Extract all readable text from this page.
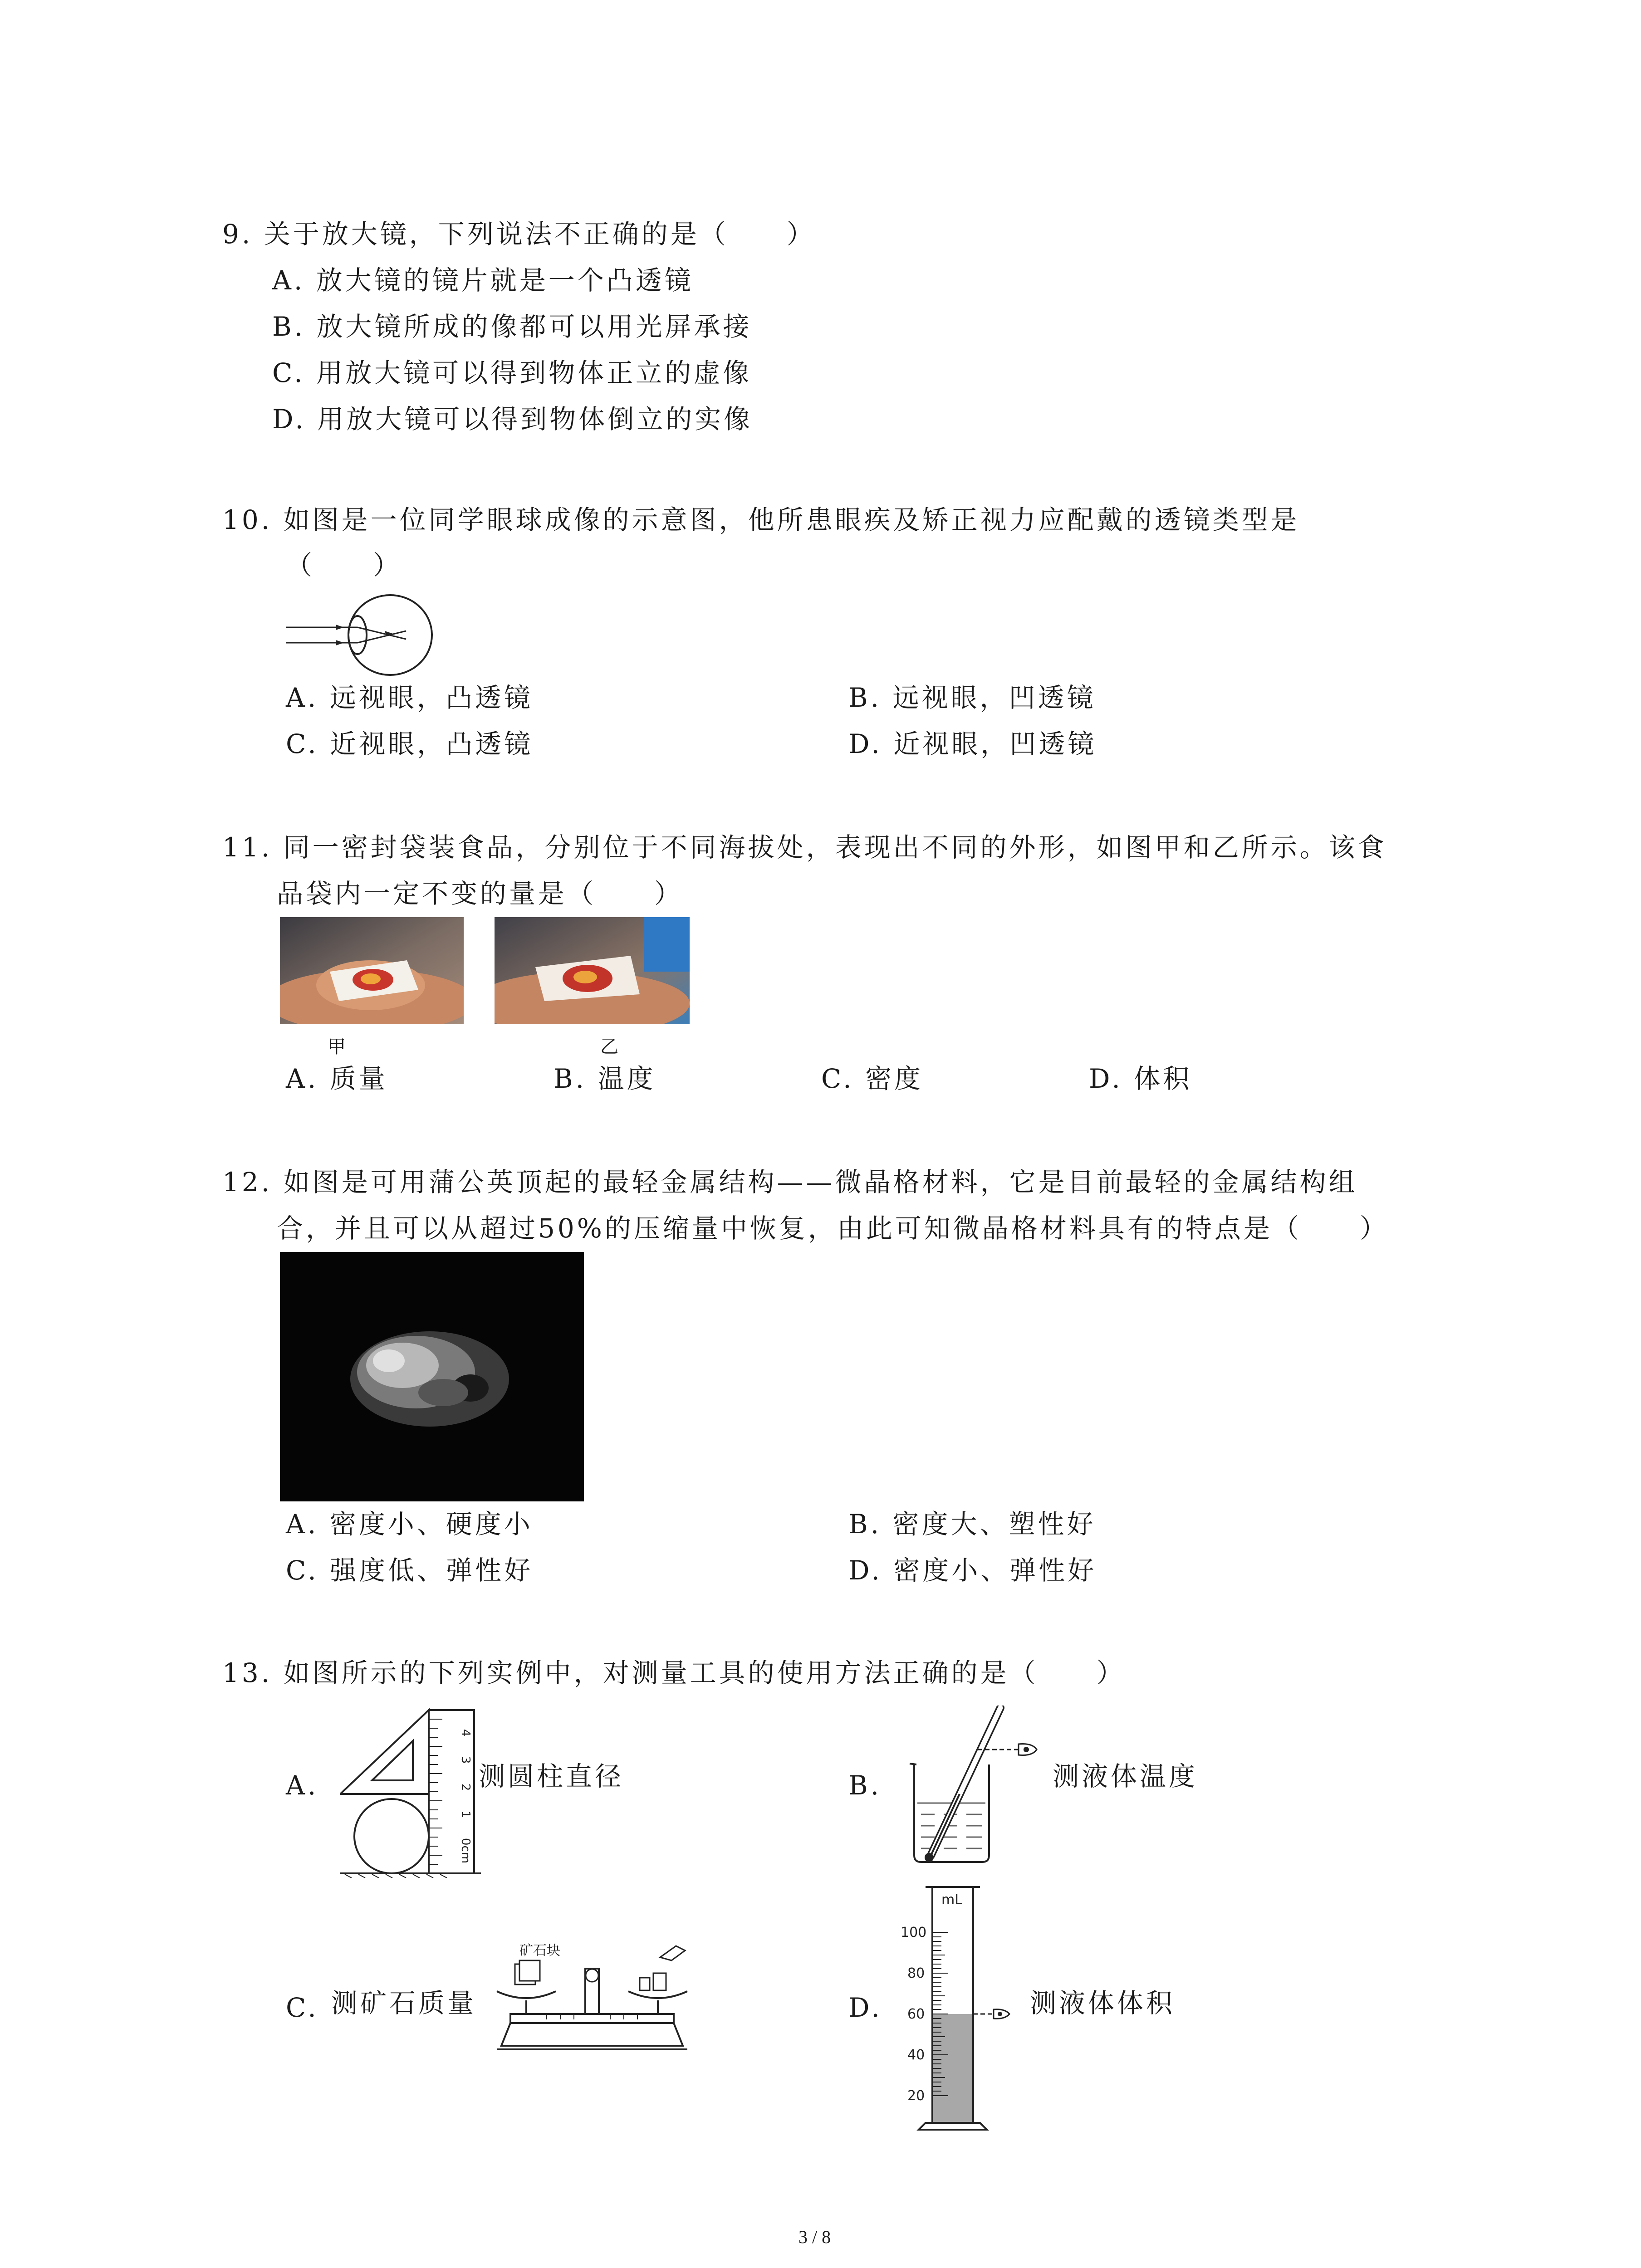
9. 关于放大镜，下列说法不正确的是（　　）
A. 放大镜的镜片就是一个凸透镜
B. 放大镜所成的像都可以用光屏承接
C. 用放大镜可以得到物体正立的虚像
D. 用放大镜可以得到物体倒立的实像
10. 如图是一位同学眼球成像的示意图，他所患眼疾及矫正视力应配戴的透镜类型是
（　　）
A. 远视眼，凸透镜	B. 远视眼，凹透镜
C. 近视眼，凸透镜	D. 近视眼，凹透镜
11. 同一密封袋装食品，分别位于不同海拔处，表现出不同的外形，如图甲和乙所示。该食
品袋内一定不变的量是（　　）
甲	乙
A. 质量	B. 温度	C. 密度	D. 体积
12. 如图是可用蒲公英顶起的最轻金属结构——微晶格材料，它是目前最轻的金属结构组
合，并且可以从超过50%的压缩量中恢复，由此可知微晶格材料具有的特点是（　　）
A. 密度小、硬度小	B. 密度大、塑性好
C. 强度低、弹性好	D. 密度小、弹性好
13. 如图所示的下列实例中，对测量工具的使用方法正确的是（　　）
A.
4
3
2
1
0cm
测圆柱直径	B.	测液体温度
C. 测矿石质量
矿石块
D.
mL
100
80
60
40
20
测液体体积
3 / 8
